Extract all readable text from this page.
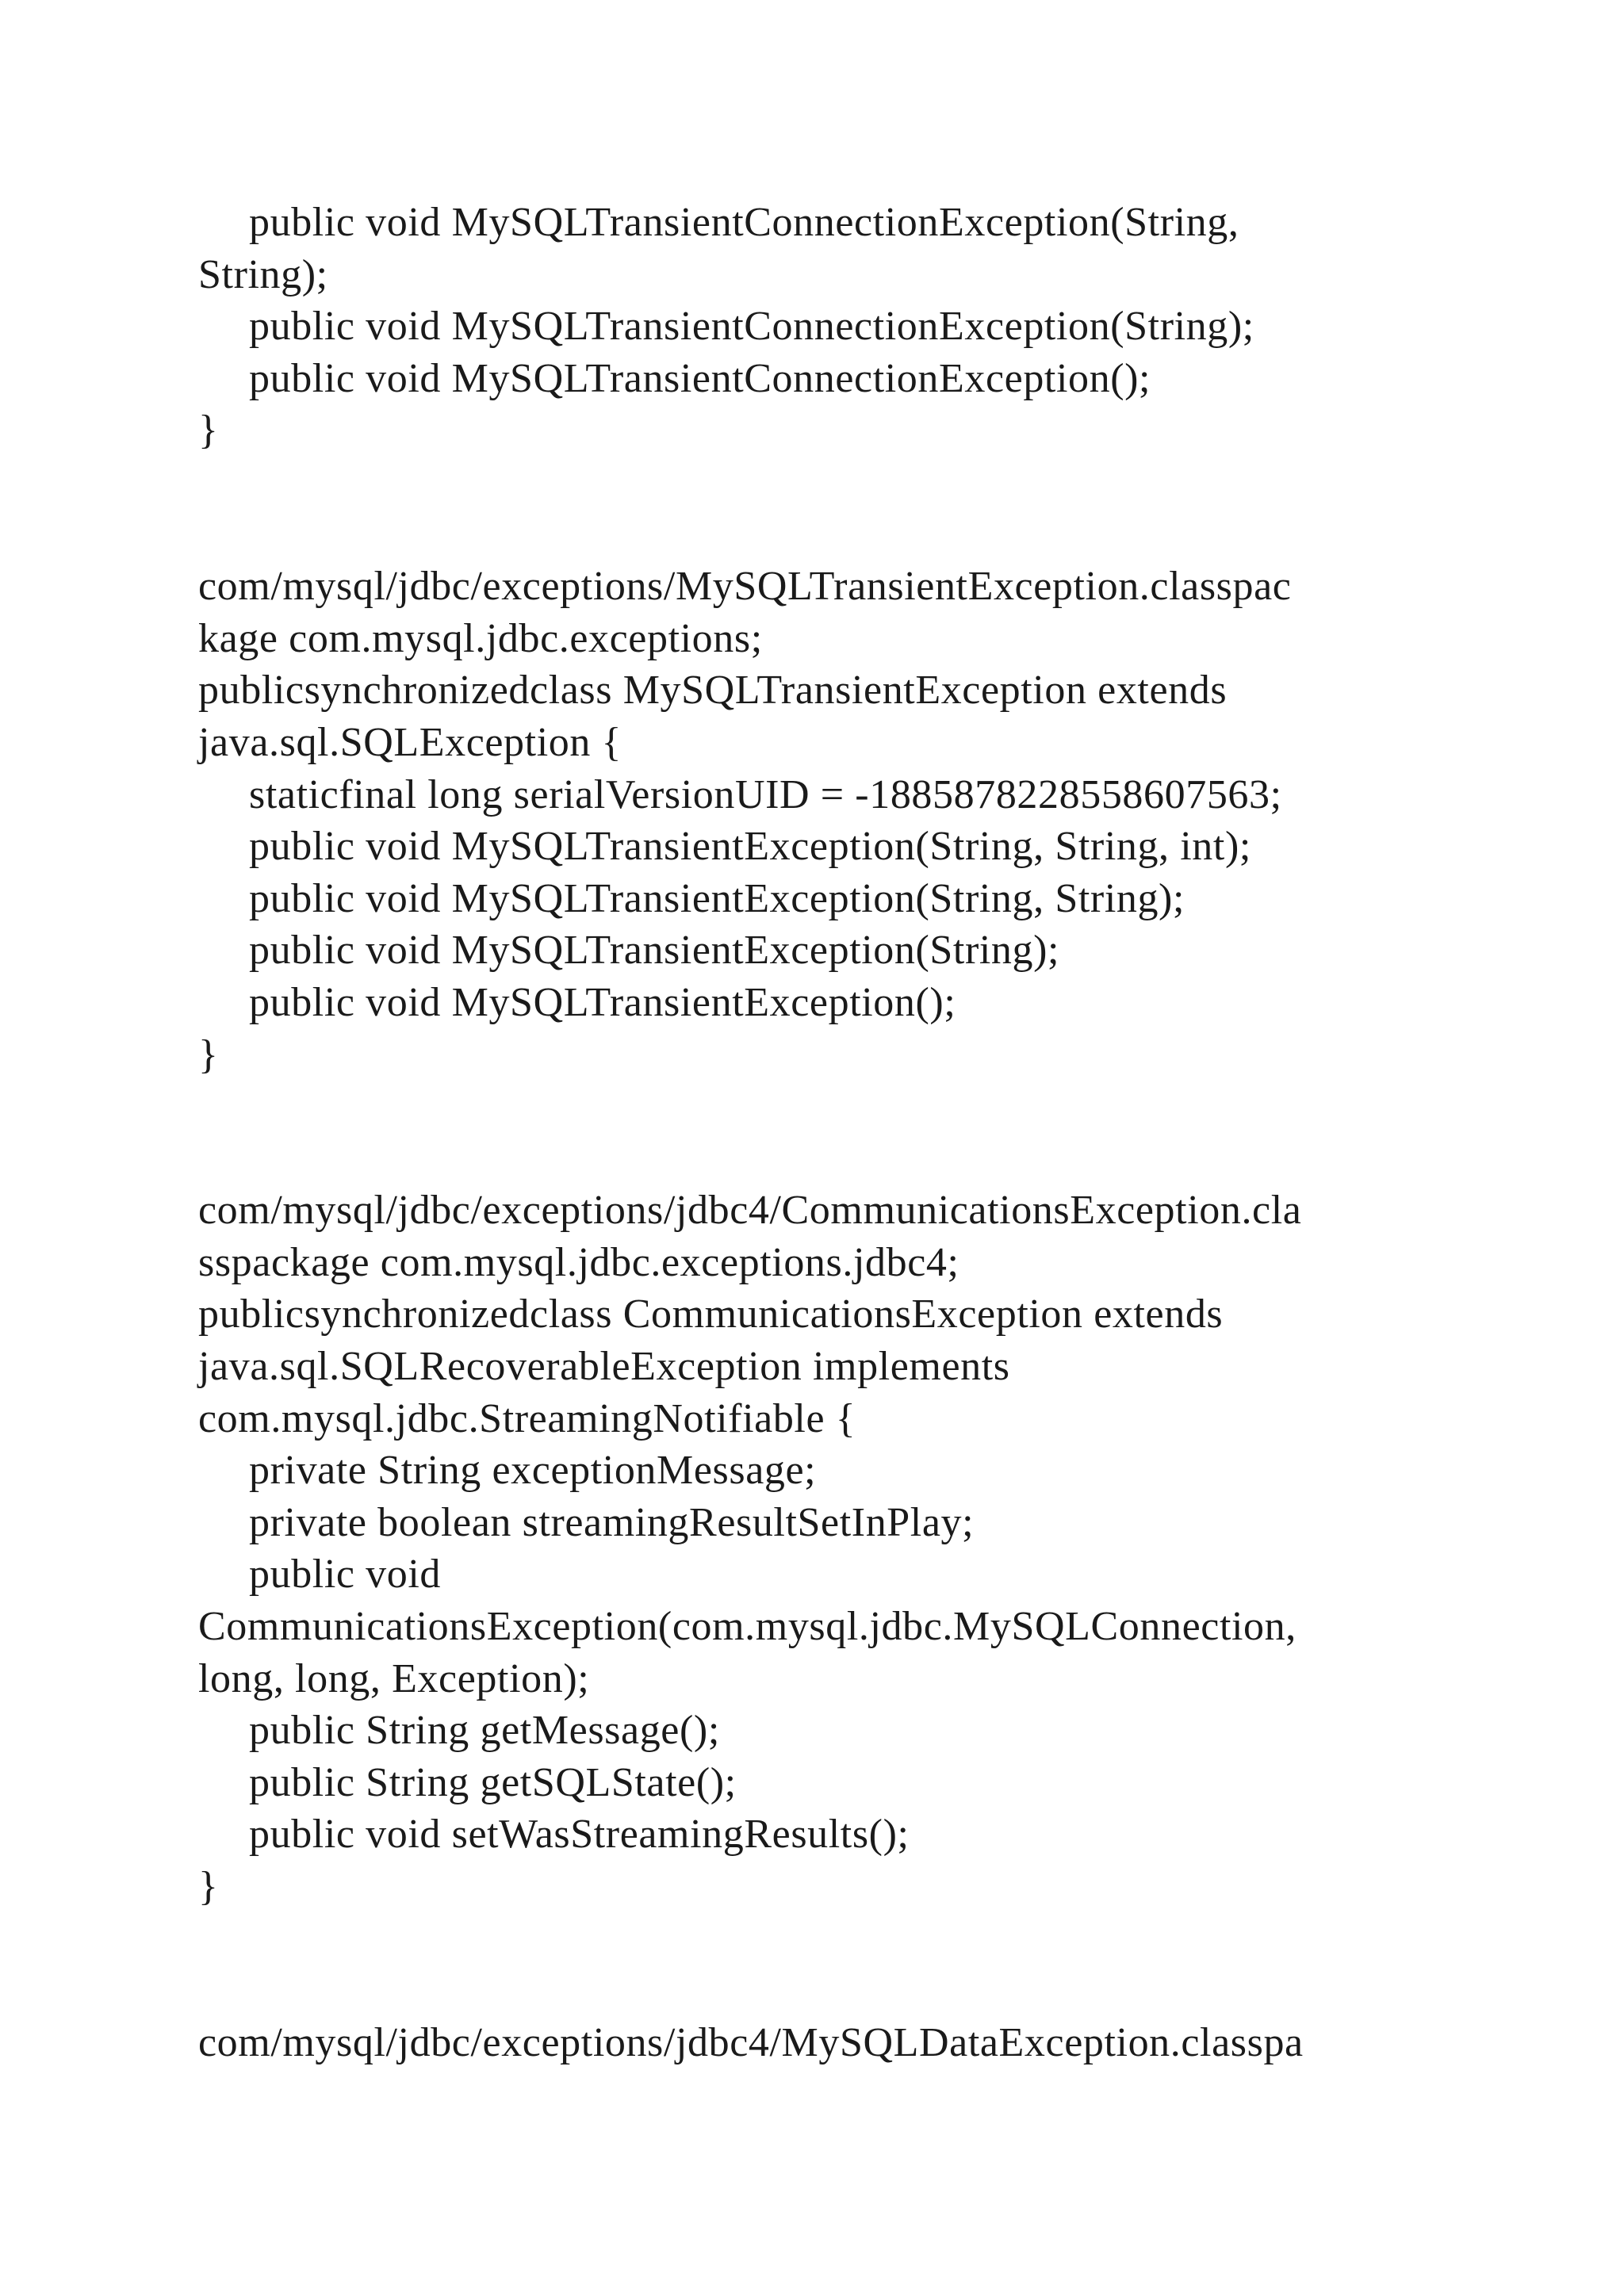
public void MySQLTransientConnectionException(String,
String);
public void MySQLTransientConnectionException(String);
public void MySQLTransientConnectionException();
}
com/mysql/jdbc/exceptions/MySQLTransientException.classpac
kage com.mysql.jdbc.exceptions;
publicsynchronizedclass MySQLTransientException extends
java.sql.SQLException {
staticfinal long serialVersionUID = -1885878228558607563;
public void MySQLTransientException(String, String, int);
public void MySQLTransientException(String, String);
public void MySQLTransientException(String);
public void MySQLTransientException();
}
com/mysql/jdbc/exceptions/jdbc4/CommunicationsException.cla
sspackage com.mysql.jdbc.exceptions.jdbc4;
publicsynchronizedclass CommunicationsException extends
java.sql.SQLRecoverableException implements
com.mysql.jdbc.StreamingNotifiable {
private String exceptionMessage;
private boolean streamingResultSetInPlay;
public void
CommunicationsException(com.mysql.jdbc.MySQLConnection,
long, long, Exception);
public String getMessage();
public String getSQLState();
public void setWasStreamingResults();
}
com/mysql/jdbc/exceptions/jdbc4/MySQLDataException.classpa
